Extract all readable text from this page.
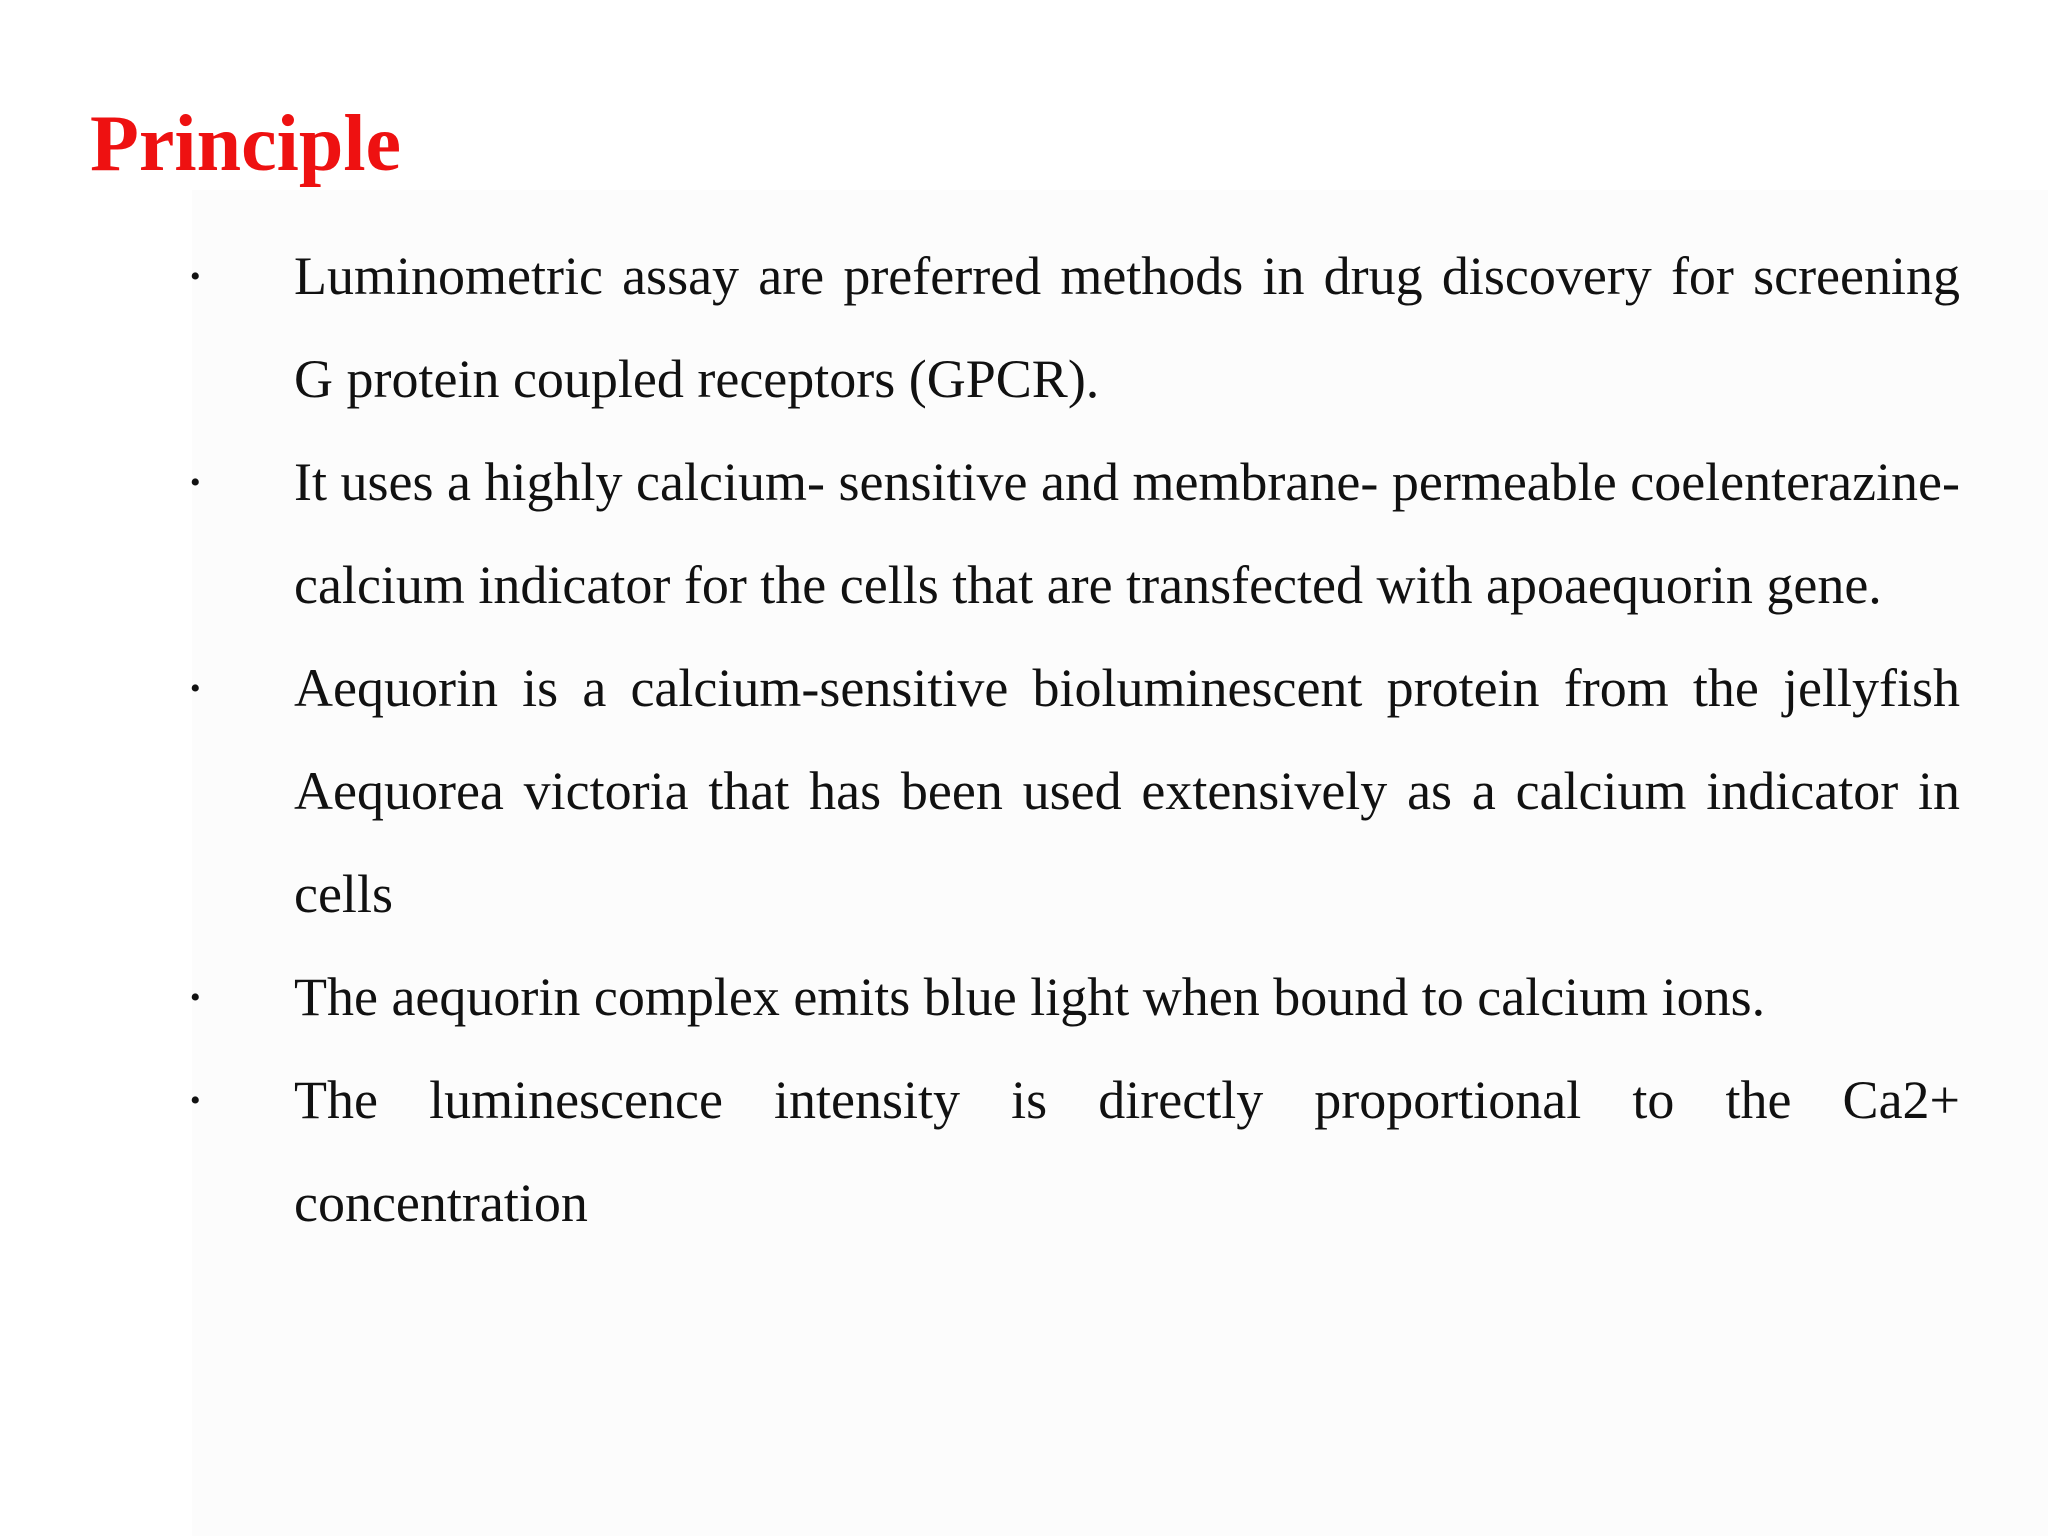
Principle
•	Luminometric assay are preferred methods in drug discovery for screening G protein coupled receptors (GPCR).
•	It uses a highly calcium- sensitive and membrane- permeable coelenterazine-calcium indicator for the cells that are transfected with apoaequorin gene.
•	Aequorin is a calcium-sensitive bioluminescent protein from the jellyfish Aequorea victoria that has been used extensively as a calcium indicator in cells
•	The aequorin complex emits blue light when bound to calcium ions.
•	The luminescence intensity is directly proportional to the Ca2+ concentration
